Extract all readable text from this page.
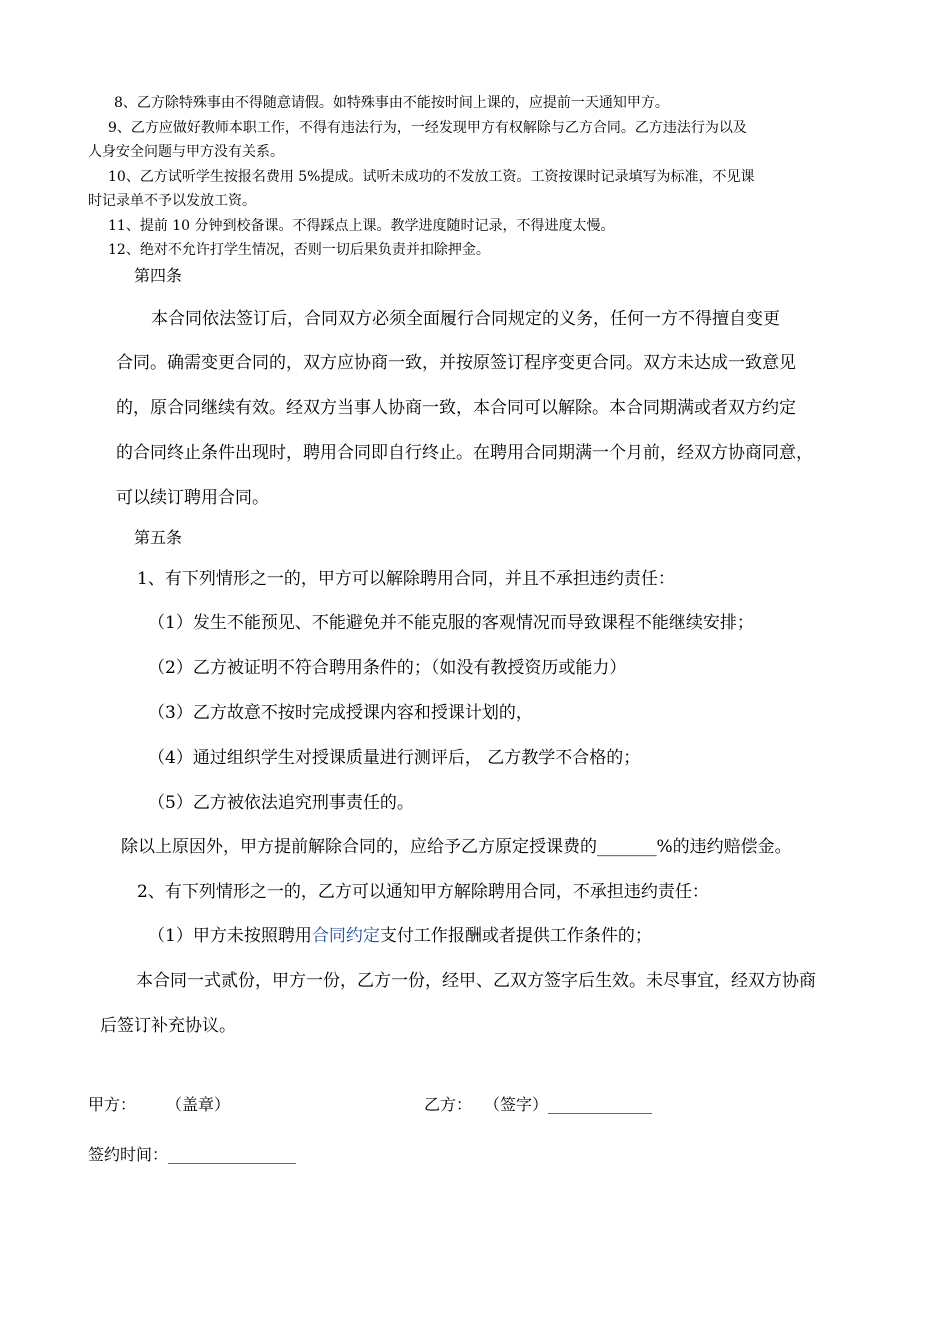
8、乙方除特殊事由不得随意请假。如特殊事由不能按时间上课的，应提前一天通知甲方。
9、乙方应做好教师本职工作，不得有违法行为，一经发现甲方有权解除与乙方合同。乙方违法行为以及
人身安全问题与甲方没有关系。
10、乙方试听学生按报名费用 5%提成。试听未成功的不发放工资。工资按课时记录填写为标准，不见课
时记录单不予以发放工资。
11、提前 10 分钟到校备课。不得踩点上课。教学进度随时记录，不得进度太慢。
12、绝对不允许打学生情况，否则一切后果负责并扣除押金。
第四条
本合同依法签订后，合同双方必须全面履行合同规定的义务，任何一方不得擅自变更
合同。确需变更合同的，双方应协商一致，并按原签订程序变更合同。双方未达成一致意见
的，原合同继续有效。经双方当事人协商一致，本合同可以解除。本合同期满或者双方约定
的合同终止条件出现时，聘用合同即自行终止。在聘用合同期满一个月前，经双方协商同意，
可以续订聘用合同。
第五条
1、有下列情形之一的，甲方可以解除聘用合同，并且不承担违约责任：
（1）发生不能预见、不能避免并不能克服的客观情况而导致课程不能继续安排；
（2）乙方被证明不符合聘用条件的；（如没有教授资历或能力）
（3）乙方故意不按时完成授课内容和授课计划的，
（4）通过组织学生对授课质量进行测评后， 乙方教学不合格的；
（5）乙方被依法追究刑事责任的。
除以上原因外，甲方提前解除合同的，应给予乙方原定授课费的_______%的违约赔偿金。
2、有下列情形之一的，乙方可以通知甲方解除聘用合同，不承担违约责任：
（1）甲方未按照聘用合同约定支付工作报酬或者提供工作条件的；
本合同一式贰份，甲方一份，乙方一份，经甲、乙双方签字后生效。未尽事宜，经双方协商
后签订补充协议。
甲方： （盖章）	乙方： （签字）_____________
签约时间：________________
